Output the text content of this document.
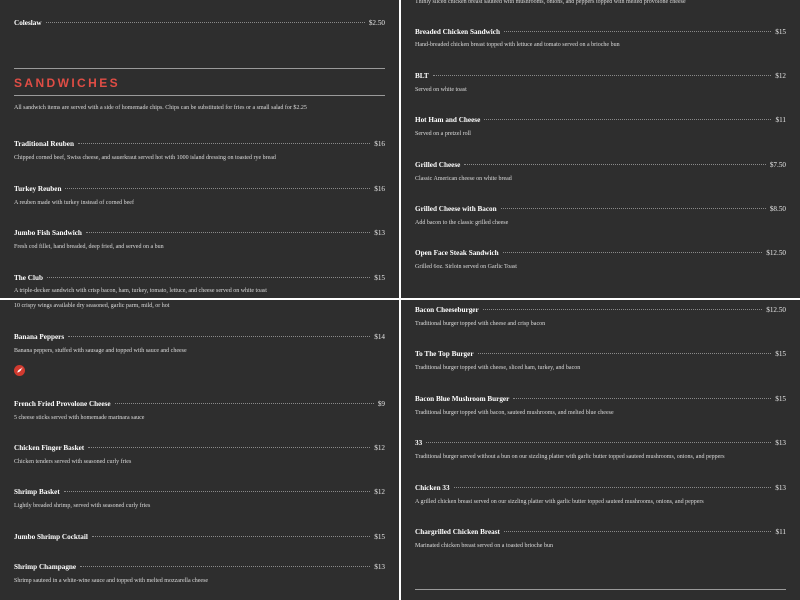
Coleslaw	$2.50
SANDWICHES
All sandwich items are served with a side of homemade chips. Chips can be substituted for fries or a small salad for $2.25
Traditional Reuben	$16
Chipped corned beef, Swiss cheese, and sauerkraut served hot with 1000 island dressing on toasted rye bread
Turkey Reuben	$16
A reuben made with turkey instead of corned beef
Jumbo Fish Sandwich	$13
Fresh cod fillet, hand breaded, deep fried, and served on a bun
The Club	$15
A triple-decker sandwich with crisp bacon, ham, turkey, tomato, lettuce, and cheese served on white toast
Thinly sliced chicken breast sauteed with mushrooms, onions, and peppers topped with melted provolone cheese
Breaded Chicken Sandwich	$15
Hand-breaded chicken breast topped with lettuce and tomato served on a brioche bun
BLT	$12
Served on white toast
Hot Ham and Cheese	$11
Served on a pretzel roll
Grilled Cheese	$7.50
Classic American cheese on white bread
Grilled Cheese with Bacon	$8.50
Add bacon to the classic grilled cheese
Open Face Steak Sandwich	$12.50
Grilled 6oz. Sirloin served on Garlic Toast
10 crispy wings available dry seasoned, garlic parm, mild, or hot
Banana Peppers	$14
Banana peppers, stuffed with sausage and topped with sauce and cheese
French Fried Provolone Cheese	$9
5 cheese sticks served with homemade marinara sauce
Chicken Finger Basket	$12
Chicken tenders served with seasoned curly fries
Shrimp Basket	$12
Lightly breaded shrimp, served with seasoned curly fries
Jumbo Shrimp Cocktail	$15
Shrimp Champagne	$13
Shrimp sauteed in a white-wine sauce and topped with melted mozzarella cheese
Bacon Cheeseburger	$12.50
Traditional burger topped with cheese and crisp bacon
To The Top Burger	$15
Traditional burger topped with cheese, sliced ham, turkey, and bacon
Bacon Blue Mushroom Burger	$15
Traditional burger topped with bacon, sauteed mushrooms, and melted blue cheese
33	$13
Traditional burger served without a bun on our sizzling platter with garlic butter topped sauteed mushrooms, onions, and peppers
Chicken 33	$13
A grilled chicken breast served on our sizzling platter with garlic butter topped sauteed mushrooms, onions, and peppers
Chargrilled Chicken Breast	$11
Marinated chicken breast served on a toasted brioche bun
